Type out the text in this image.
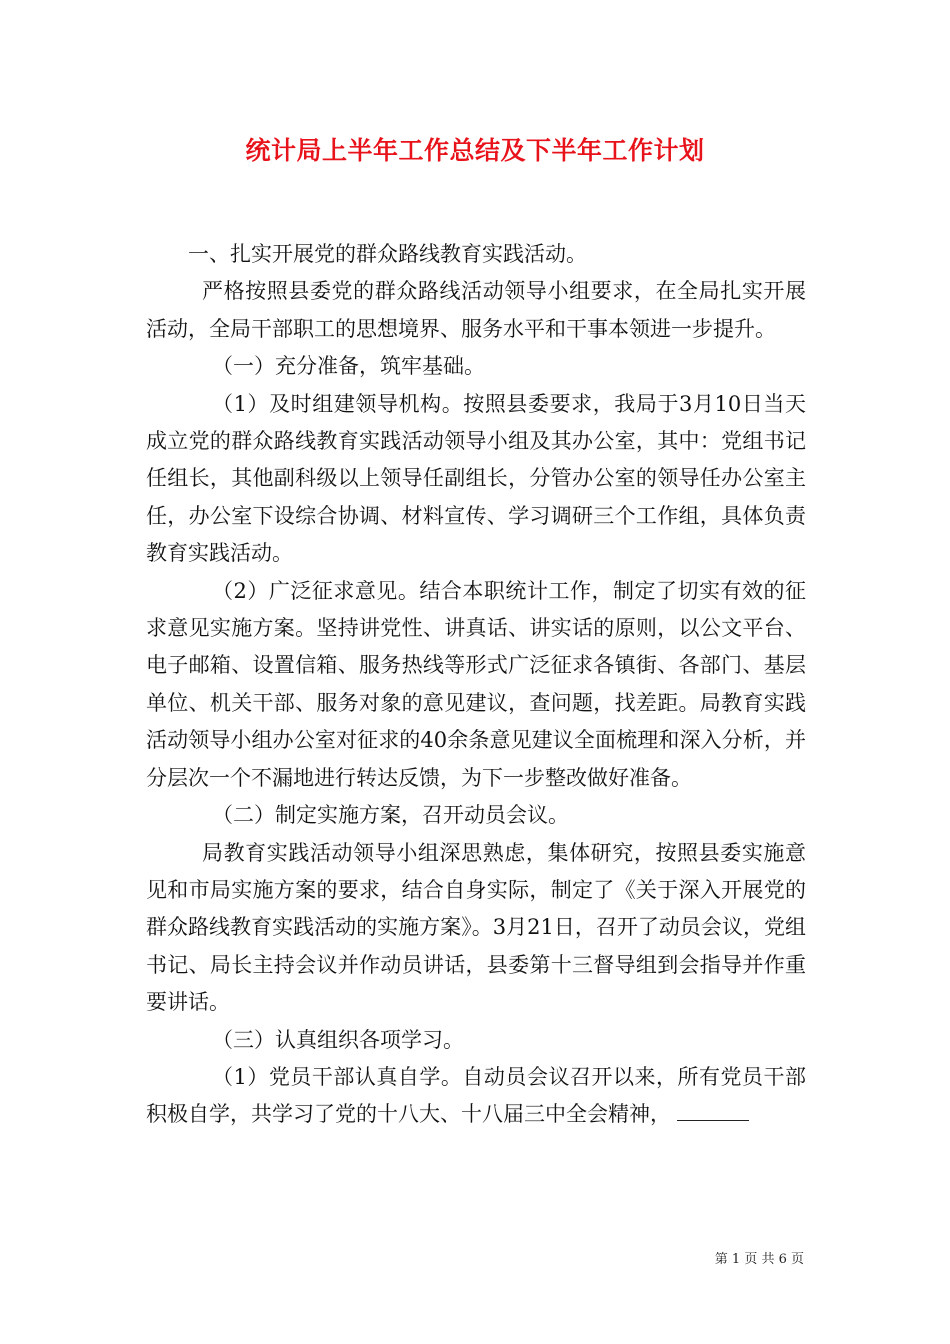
统计局上半年工作总结及下半年工作计划

一、扎实开展党的群众路线教育实践活动。

严格按照县委党的群众路线活动领导小组要求，在全局扎实开展活动，全局干部职工的思想境界、服务水平和干事本领进一步提升。

（一）充分准备，筑牢基础。

（1）及时组建领导机构。按照县委要求，我局于3月10日当天成立党的群众路线教育实践活动领导小组及其办公室，其中：党组书记任组长，其他副科级以上领导任副组长，分管办公室的领导任办公室主任，办公室下设综合协调、材料宣传、学习调研三个工作组，具体负责教育实践活动。

（2）广泛征求意见。结合本职统计工作，制定了切实有效的征求意见实施方案。坚持讲党性、讲真话、讲实话的原则，以公文平台、电子邮箱、设置信箱、服务热线等形式广泛征求各镇街、各部门、基层单位、机关干部、服务对象的意见建议，查问题，找差距。局教育实践活动领导小组办公室对征求的40余条意见建议全面梳理和深入分析，并分层次一个不漏地进行转达反馈，为下一步整改做好准备。

（二）制定实施方案，召开动员会议。

局教育实践活动领导小组深思熟虑，集体研究，按照县委实施意见和市局实施方案的要求，结合自身实际，制定了《关于深入开展党的群众路线教育实践活动的实施方案》。3月21日，召开了动员会议，党组书记、局长主持会议并作动员讲话，县委第十三督导组到会指导并作重要讲话。

（三）认真组织各项学习。

（1）党员干部认真自学。自动员会议召开以来，所有党员干部积极自学，共学习了党的十八大、十八届三中全会精神，

第 1 页 共 6 页
